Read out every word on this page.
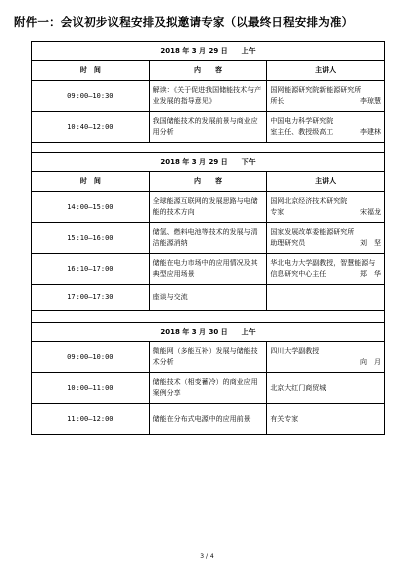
附件一：会议初步议程安排及拟邀请专家（以最终日程安排为准）
2018 年 3 月 29 日　　上午		
时　间	内　　容	主讲人
09:00—10:30	解读：《关于促进我国储能技术与产业发展的指导意见》	国网能源研究院新能源研究所
所长 李琼慧

10:40—12:00	我国储能技术的发展前景与商业应用分析	中国电力科学研究院
室主任、教授级高工 李建林

2018 年 3 月 29 日　　下午		
时　间	内　　容	主讲人
14:00—15:00	全球能源互联网的发展思路与电储能的技术方向	国网北京经济技术研究院
专家 宋福龙

15:10—16:00	储氢、燃料电池等技术的发展与清洁能源消纳	国家发展改革委能源研究所
助理研究员 刘　坚

16:10—17:00	储能在电力市场中的应用情况及其典型应用场景	华北电力大学副教授，智慧能源与
信息研究中心主任 郑　华

17:00—17:30	座谈与交流	

2018 年 3 月 30 日　　上午		
09:00—10:00	微能网（多能互补）发展与储能技术分析	四川大学副教授
向　月

10:00—11:00	储能技术（相变蓄冷）的商业应用案例分享	北京大红门商贸城

11:00—12:00	储能在分布式电源中的应用前景	有关专家

3 / 4
